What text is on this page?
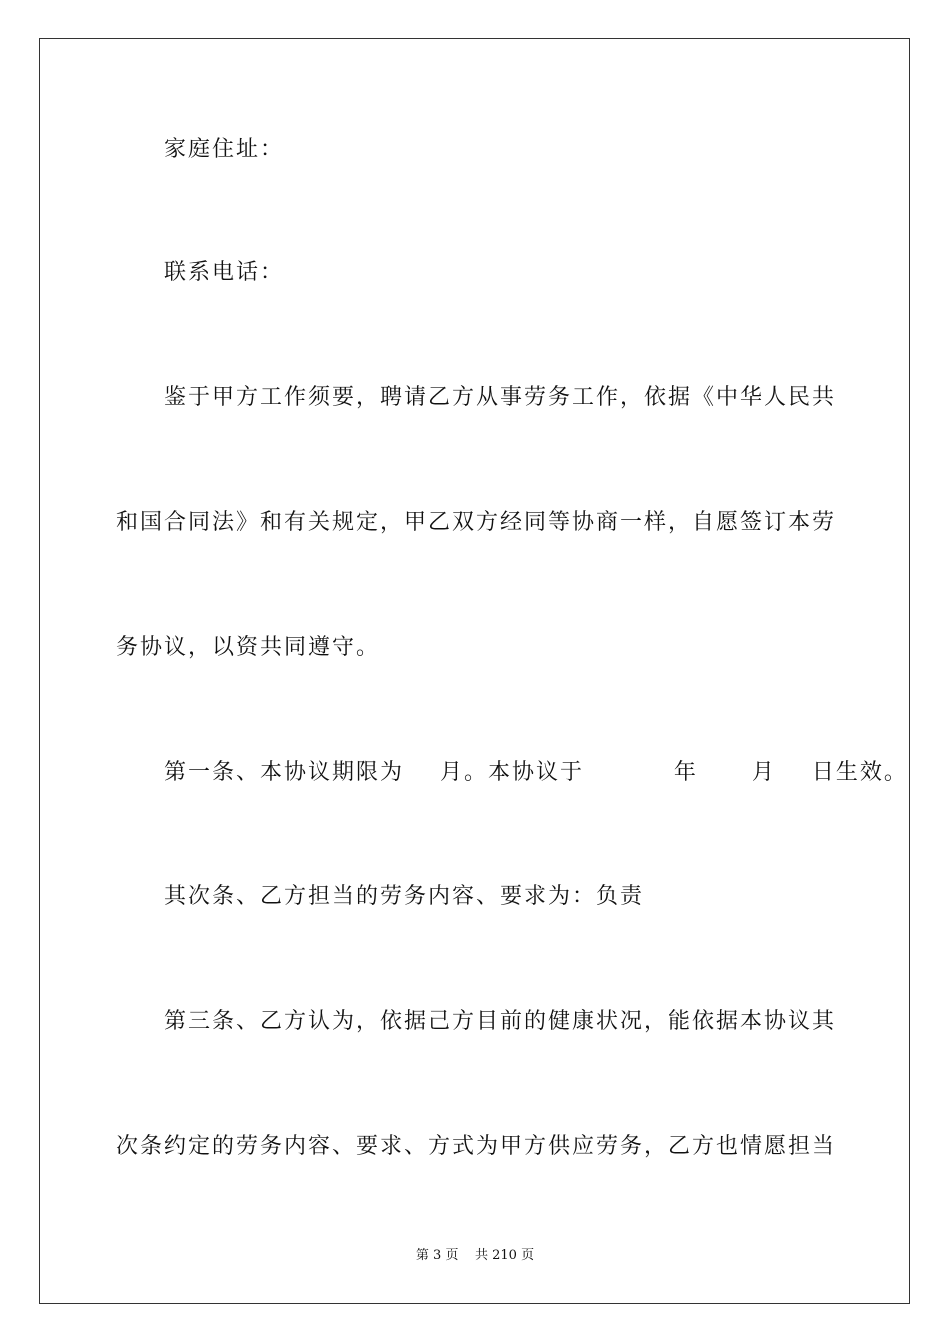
家庭住址：

联系电话：

鉴于甲方工作须要，聘请乙方从事劳务工作，依据《中华人民共

和国合同法》和有关规定，甲乙双方经同等协商一样，自愿签订本劳

务协议，以资共同遵守。

第一条、本协议期限为    月。本协议于          年      月    日生效。

其次条、乙方担当的劳务内容、要求为：负责

第三条、乙方认为，依据己方目前的健康状况，能依据本协议其

次条约定的劳务内容、要求、方式为甲方供应劳务，乙方也情愿担当

第 3 页    共 210 页
